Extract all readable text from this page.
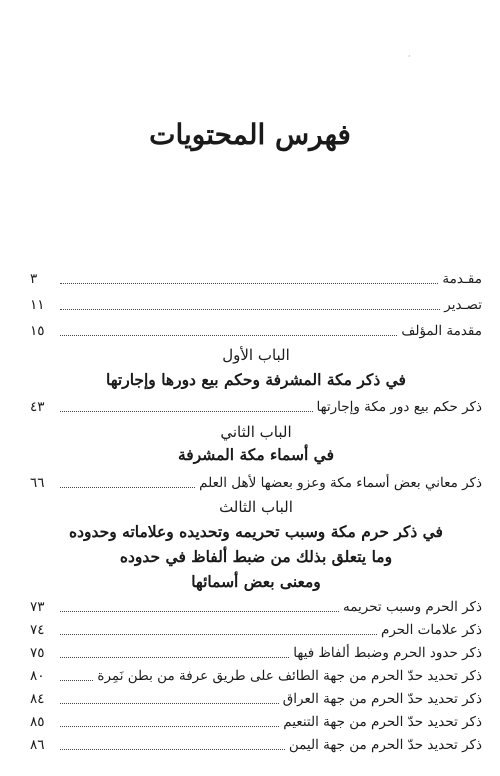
·
فهرس المحتويات
مقـدمة
٣
تصـدير
١١
مقدمة المؤلف
١٥
الباب الأول
في ذكر مكة المشرفة وحكم بيع دورها وإجارتها
ذكر حكم بيع دور مكة وإجارتها
٤٣
الباب الثاني
في أسماء مكة المشرفة
ذكر معاني بعض أسماء مكة وعزو بعضها لأهل العلم
٦٦
الباب الثالث
في ذكر حرم مكة وسبب تحريمه وتحديده وعلاماته وحدوده
وما يتعلق بذلك من ضبط ألفاظ في حدوده
ومعنى بعض أسمائها
ذكر الحرم وسبب تحريمه
٧٣
ذكر علامات الحرم
٧٤
ذكر حدود الحرم وضبط ألفاظ فيها
٧٥
ذكر تحديد حدّ الحرم من جهة الطائف على طريق عرفة من بطن نَمِرة
٨٠
ذكر تحديد حدّ الحرم من جهة العراق
٨٤
ذكر تحديد حدّ الحرم من جهة التنعيم
٨٥
ذكر تحديد حدّ الحرم من جهة اليمن
٨٦
